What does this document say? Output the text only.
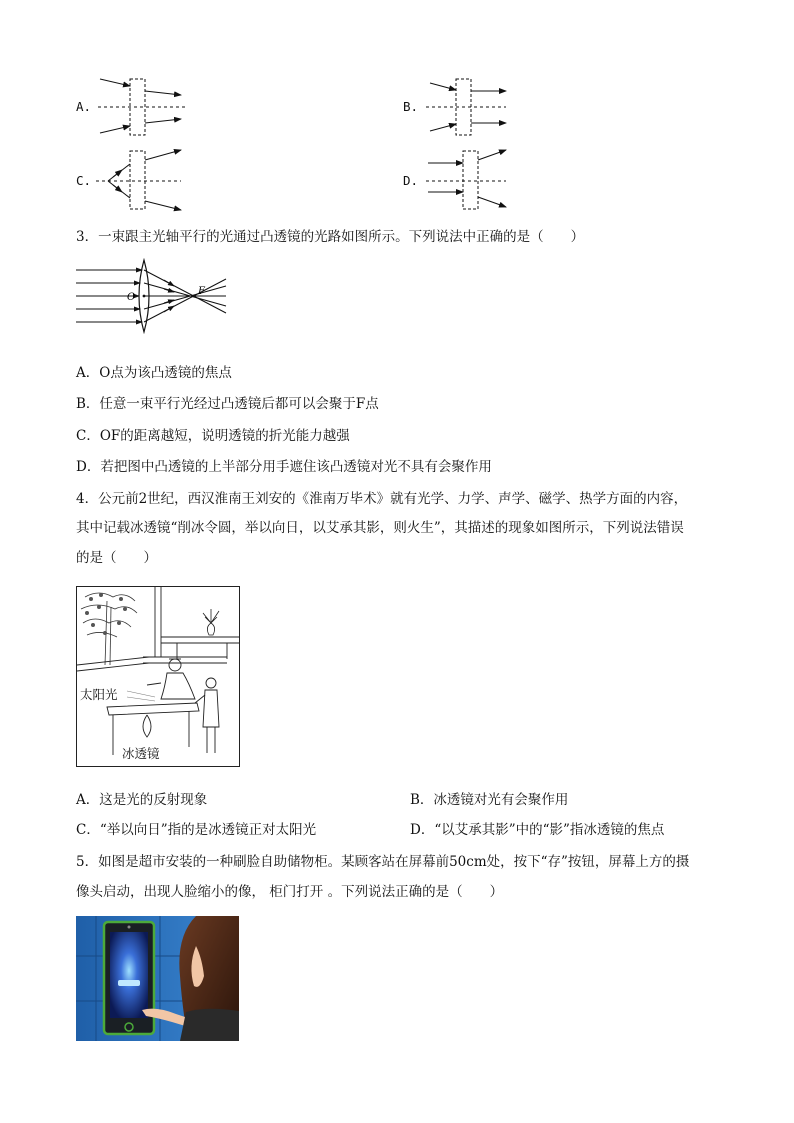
A.	B.
C.	D.
3．一束跟主光轴平行的光通过凸透镜的光路如图所示。下列说法中正确的是（　　）
O
F
A．O点为该凸透镜的焦点
B．任意一束平行光经过凸透镜后都可以会聚于F点
C．OF的距离越短，说明透镜的折光能力越强
D．若把图中凸透镜的上半部分用手遮住该凸透镜对光不具有会聚作用
4．公元前2世纪，西汉淮南王刘安的《淮南万毕术》就有光学、力学、声学、磁学、热学方面的内容，
其中记载冰透镜“削冰令圆，举以向日，以艾承其影，则火生”，其描述的现象如图所示，下列说法错误
的是（　　）
太阳光
冰透镜
A．这是光的反射现象	B．冰透镜对光有会聚作用
C．“举以向日”指的是冰透镜正对太阳光	D．“以艾承其影”中的“影”指冰透镜的焦点
5．如图是超市安装的一种刷脸自助储物柜。某顾客站在屏幕前50cm处，按下“存”按钮，屏幕上方的摄
像头启动，出现人脸缩小的像， 柜门打开 。下列说法正确的是（　　）
